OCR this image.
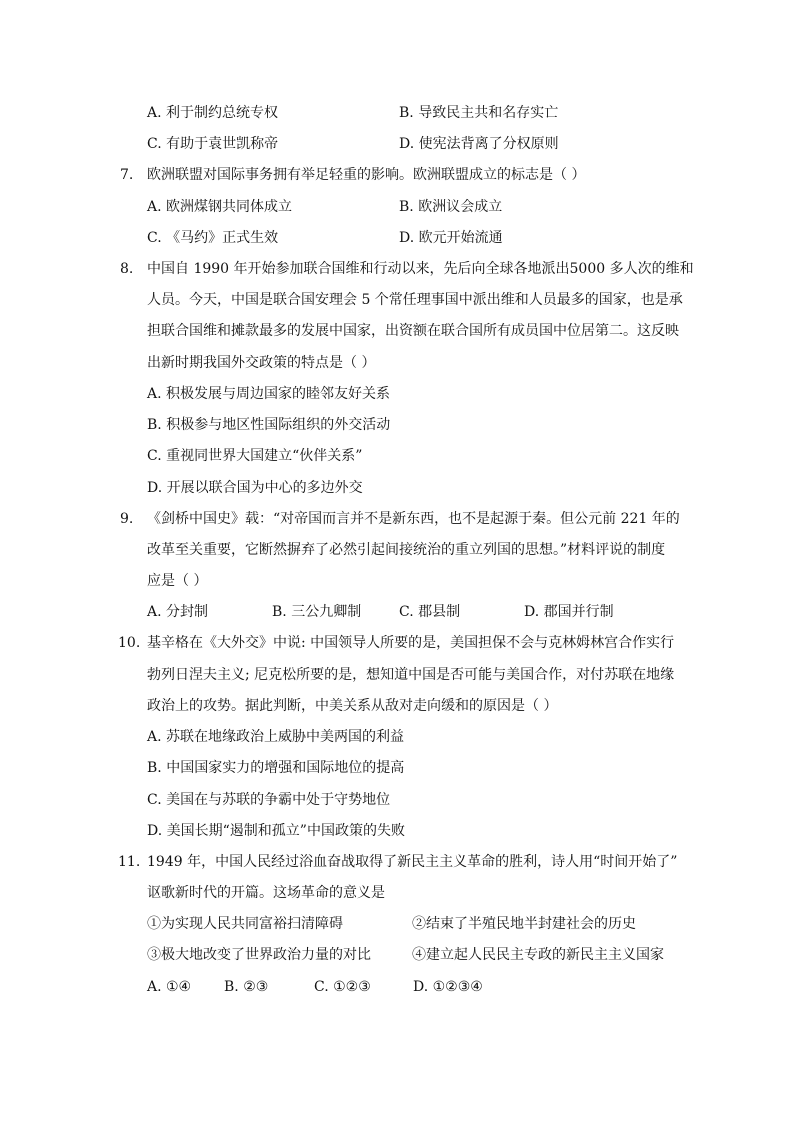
A. 利于制约总统专权	B. 导致民主共和名存实亡
C. 有助于袁世凯称帝	D. 使宪法背离了分权原则
7. 欧洲联盟对国际事务拥有举足轻重的影响。欧洲联盟成立的标志是（ ）
A. 欧洲煤钢共同体成立	B. 欧洲议会成立
C. 《马约》正式生效	D. 欧元开始流通
8. 中国自 1990 年开始参加联合国维和行动以来，先后向全球各地派出5000 多人次的维和
人员。今天，中国是联合国安理会 5 个常任理事国中派出维和人员最多的国家，也是承
担联合国维和摊款最多的发展中国家，出资额在联合国所有成员国中位居第二。这反映
出新时期我国外交政策的特点是（ ）
A. 积极发展与周边国家的睦邻友好关系
B. 积极参与地区性国际组织的外交活动
C. 重视同世界大国建立“伙伴关系”
D. 开展以联合国为中心的多边外交
9. 《剑桥中国史》载：“对帝国而言并不是新东西，也不是起源于秦。但公元前 221 年的
改革至关重要，它断然摒弃了必然引起间接统治的重立列国的思想。”材料评说的制度
应是（ ）
A. 分封制	B. 三公九卿制	C. 郡县制	D. 郡国并行制
10. 基辛格在《大外交》中说: 中国领导人所要的是，美国担保不会与克林姆林宫合作实行
勃列日涅夫主义; 尼克松所要的是，想知道中国是否可能与美国合作，对付苏联在地缘
政治上的攻势。据此判断，中美关系从敌对走向缓和的原因是（ ）
A. 苏联在地缘政治上威胁中美两国的利益
B. 中国国家实力的增强和国际地位的提高
C. 美国在与苏联的争霸中处于守势地位
D. 美国长期“遏制和孤立”中国政策的失败
11. 1949 年，中国人民经过浴血奋战取得了新民主主义革命的胜利，诗人用“时间开始了”
讴歌新时代的开篇。这场革命的意义是
①为实现人民共同富裕扫清障碍	②结束了半殖民地半封建社会的历史
③极大地改变了世界政治力量的对比	④建立起人民民主专政的新民主主义国家
A. ①④ B. ②③	C. ①②③	D. ①②③④
